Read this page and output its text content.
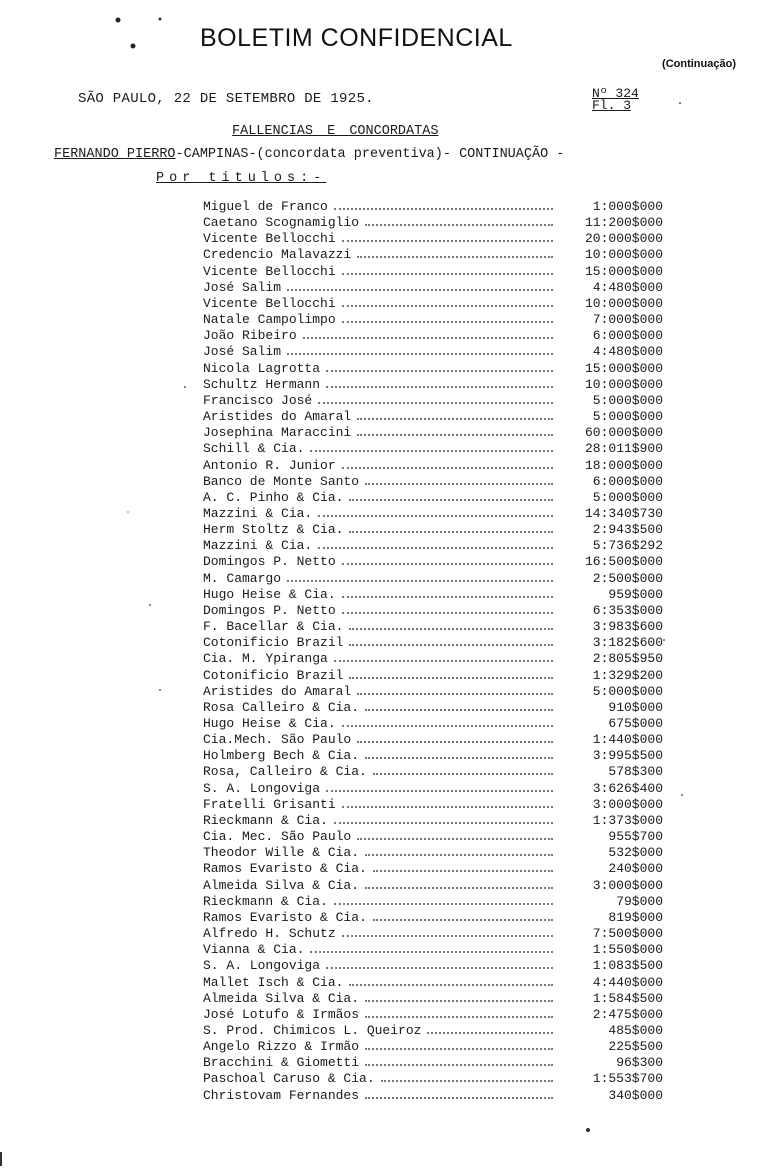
BOLETIM CONFIDENCIAL
(Continuação)
SÃO PAULO, 22 DE SETEMBRO DE 1925.	Nº 324
Fl. 3
FALLENCIAS E CONCORDATAS
FERNANDO PIERRO-CAMPINAS-(concordata preventiva)- CONTINUAÇÃO -
Por titulos:-
Miguel de Franco	1:000$000
Caetano Scognamiglio	11:200$000
Vicente Bellocchi	20:000$000
Credencio Malavazzi	10:000$000
Vicente Bellocchi	15:000$000
José Salim	4:480$000
Vicente Bellocchi	10:000$000
Natale Campolimpo	7:000$000
João Ribeiro	6:000$000
José Salim	4:480$000
Nicola Lagrotta	15:000$000
Schultz Hermann	10:000$000
Francisco José	5:000$000
Aristides do Amaral	5:000$000
Josephina Maraccini	60:000$000
Schill & Cia.	28:011$900
Antonio R. Junior	18:000$000
Banco de Monte Santo	6:000$000
A. C. Pinho & Cia.	5:000$000
Mazzini & Cia.	14:340$730
Herm Stoltz & Cia.	2:943$500
Mazzini & Cia.	5:736$292
Domingos P. Netto	16:500$000
M. Camargo	2:500$000
Hugo Heise & Cia.	959$000
Domingos P. Netto	6:353$000
F. Bacellar & Cia.	3:983$600
Cotonificio Brazil	3:182$600
Cia. M. Ypiranga	2:805$950
Cotonificio Brazil	1:329$200
Aristides do Amaral	5:000$000
Rosa Calleiro & Cia.	910$000
Hugo Heise & Cia.	675$000
Cia.Mech. São Paulo	1:440$000
Holmberg Bech & Cia.	3:995$500
Rosa, Calleiro & Cia.	578$300
S. A. Longoviga	3:626$400
Fratelli Grisanti	3:000$000
Rieckmann & Cia.	1:373$000
Cia. Mec. São Paulo	955$700
Theodor Wille & Cia.	532$000
Ramos Evaristo & Cia.	240$000
Almeida Silva & Cia.	3:000$000
Rieckmann & Cia.	79$000
Ramos Evaristo & Cia.	819$000
Alfredo H. Schutz	7:500$000
Vianna & Cia.	1:550$000
S. A. Longoviga	1:083$500
Mallet Isch & Cia.	4:440$000
Almeida Silva & Cia.	1:584$500
José Lotufo & Irmãos	2:475$000
S. Prod. Chimicos L. Queiroz	485$000
Angelo Rizzo & Irmão	225$500
Bracchini & Giometti	96$300
Paschoal Caruso & Cia.	1:553$700
Christovam Fernandes	340$000
